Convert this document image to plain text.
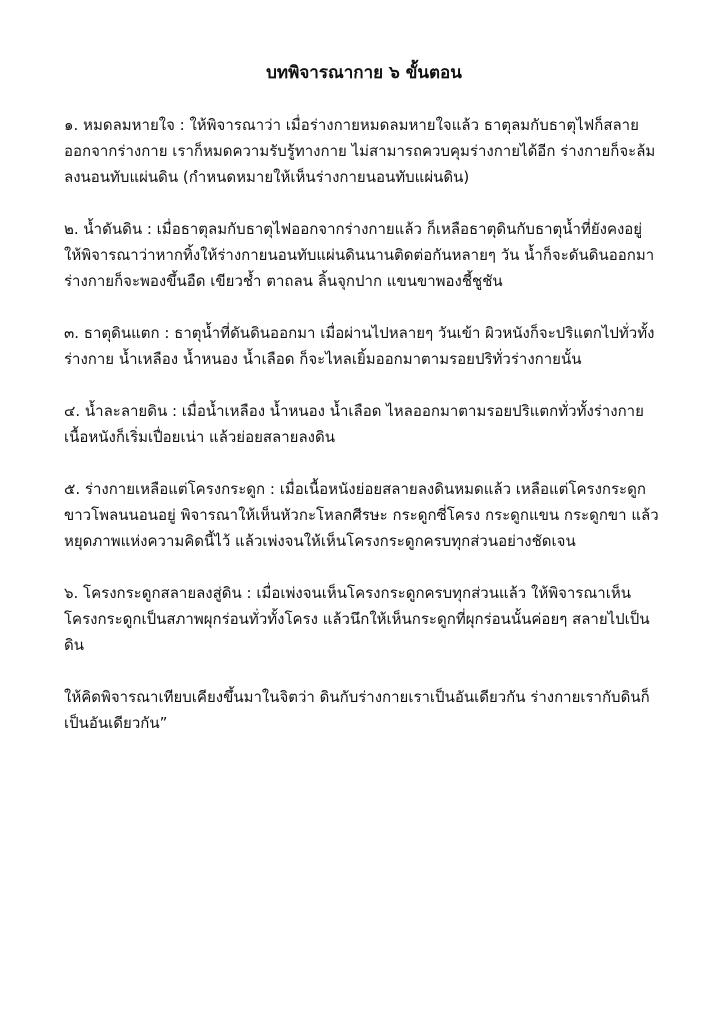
บทพิจารณากาย ๖ ขั้นตอน

๑. หมดลมหายใจ : ให้พิจารณาว่า เมื่อร่างกายหมดลมหายใจแล้ว ธาตุลมกับธาตุไฟก็สลายออกจากร่างกาย เราก็หมดความรับรู้ทางกาย ไม่สามารถควบคุมร่างกายได้อีก ร่างกายก็จะล้มลงนอนทับแผ่นดิน (กำหนดหมายให้เห็นร่างกายนอนทับแผ่นดิน)

๒. น้ำดันดิน : เมื่อธาตุลมกับธาตุไฟออกจากร่างกายแล้ว ก็เหลือธาตุดินกับธาตุน้ำที่ยังคงอยู่ ให้พิจารณาว่าหากทิ้งให้ร่างกายนอนทับแผ่นดินนานติดต่อกันหลายๆ วัน น้ำก็จะดันดินออกมา ร่างกายก็จะพองขึ้นอืด เขียวช้ำ ตาถลน ลิ้นจุกปาก แขนขาพองชี้ชูชัน

๓. ธาตุดินแตก : ธาตุน้ำที่ดันดินออกมา เมื่อผ่านไปหลายๆ วันเข้า ผิวหนังก็จะปริแตกไปทั่วทั้งร่างกาย น้ำเหลือง น้ำหนอง น้ำเลือด ก็จะไหลเยิ้มออกมาตามรอยปริทั่วร่างกายนั้น

๔. น้ำละลายดิน : เมื่อน้ำเหลือง น้ำหนอง น้ำเลือด ไหลออกมาตามรอยปริแตกทั่วทั้งร่างกาย เนื้อหนังก็เริ่มเปื่อยเน่า แล้วย่อยสลายลงดิน

๕. ร่างกายเหลือแต่โครงกระดูก : เมื่อเนื้อหนังย่อยสลายลงดินหมดแล้ว เหลือแต่โครงกระดูกขาวโพลนนอนอยู่ พิจารณาให้เห็นหัวกะโหลกศีรษะ กระดูกซี่โครง กระดูกแขน กระดูกขา แล้วหยุดภาพแห่งความคิดนี้ไว้ แล้วเพ่งจนให้เห็นโครงกระดูกครบทุกส่วนอย่างชัดเจน

๖. โครงกระดูกสลายลงสู่ดิน : เมื่อเพ่งจนเห็นโครงกระดูกครบทุกส่วนแล้ว ให้พิจารณาเห็นโครงกระดูกเป็นสภาพผุกร่อนทั่วทั้งโครง แล้วนึกให้เห็นกระดูกที่ผุกร่อนนั้นค่อยๆ สลายไปเป็นดิน

ให้คิดพิจารณาเทียบเคียงขึ้นมาในจิตว่า ดินกับร่างกายเราเป็นอันเดียวกัน ร่างกายเรากับดินก็เป็นอันเดียวกัน”
